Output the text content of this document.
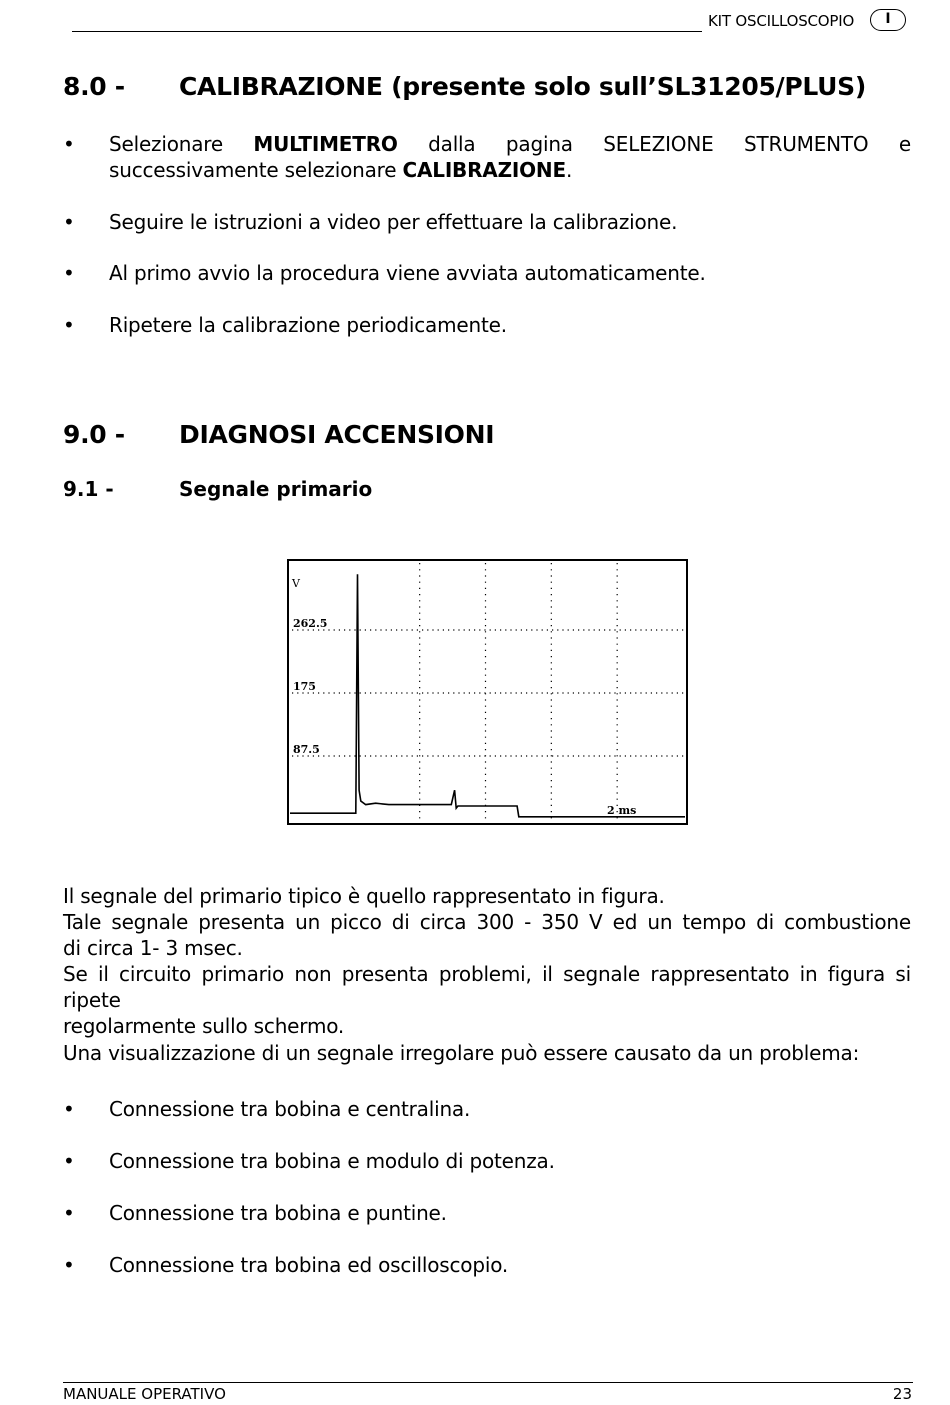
KIT OSCILLOSCOPIO	I
8.0 - CALIBRAZIONE (presente solo sull’SL31205/PLUS)
• Selezionare MULTIMETRO dalla pagina SELEZIONE STRUMENTO e
successivamente selezionare CALIBRAZIONE.
• Seguire le istruzioni a video per effettuare la calibrazione.
• Al primo avvio la procedura viene avviata automaticamente.
• Ripetere la calibrazione periodicamente.
9.0 - DIAGNOSI ACCENSIONI
9.1 -	Segnale primario
V
87.5
175
262.5
2 ms
Il segnale del primario tipico è quello rappresentato in figura.
Tale segnale presenta un picco di circa 300 - 350 V ed un tempo di combustione
di circa 1- 3 msec.
Se il circuito primario non presenta problemi, il segnale rappresentato in figura si ripete
regolarmente sullo schermo.
Una visualizzazione di un segnale irregolare può essere causato da un problema:
• Connessione tra bobina e centralina.
• Connessione tra bobina e modulo di potenza.
• Connessione tra bobina e puntine.
• Connessione tra bobina ed oscilloscopio.
MANUALE OPERATIVO	23
